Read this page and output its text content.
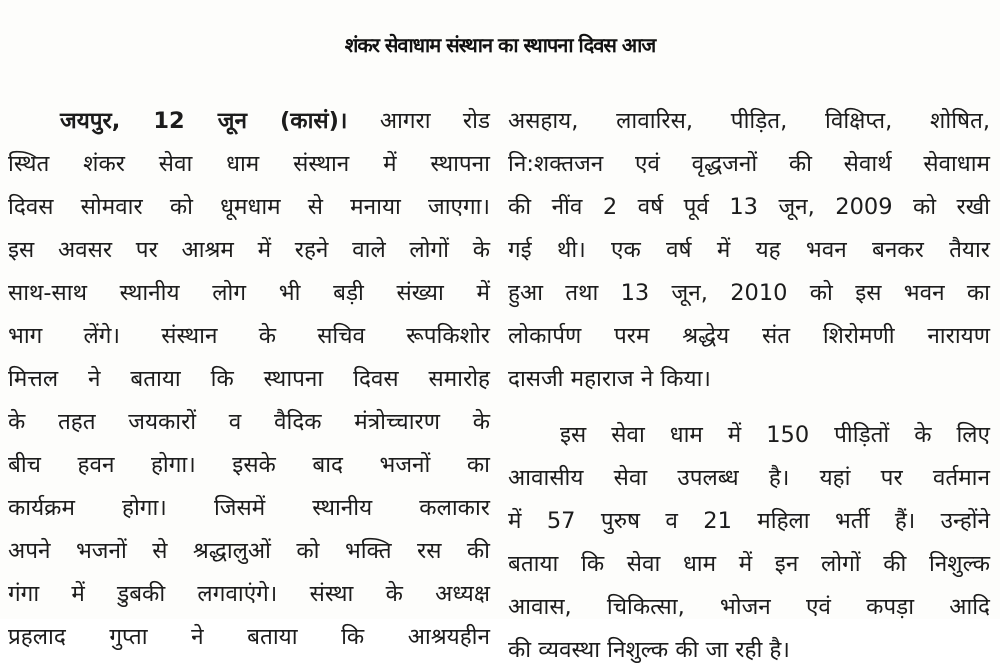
शंकर सेवाधाम संस्थान का स्थापना दिवस आज
जयपुर, 12 जून (कासं)। आगरा रोड
स्थित शंकर सेवा धाम संस्थान में स्थापना
दिवस सोमवार को धूमधाम से मनाया जाएगा।
इस अवसर पर आश्रम में रहने वाले लोगों के
साथ-साथ स्थानीय लोग भी बड़ी संख्या में
भाग लेंगे। संस्थान के सचिव रूपकिशोर
मित्तल ने बताया कि स्थापना दिवस समारोह
के तहत जयकारों व वैदिक मंत्रोच्चारण के
बीच हवन होगा। इसके बाद भजनों का
कार्यक्रम होगा। जिसमें स्थानीय कलाकार
अपने भजनों से श्रद्धालुओं को भक्ति रस की
गंगा में डुबकी लगवाएंगे। संस्था के अध्यक्ष
प्रहलाद गुप्ता ने बताया कि आश्रयहीन
असहाय, लावारिस, पीड़ित, विक्षिप्त, शोषित,
नि:शक्तजन एवं वृद्धजनों की सेवार्थ सेवाधाम
की नींव 2 वर्ष पूर्व 13 जून, 2009 को रखी
गई थी। एक वर्ष में यह भवन बनकर तैयार
हुआ तथा 13 जून, 2010 को इस भवन का
लोकार्पण परम श्रद्धेय संत शिरोमणी नारायण
दासजी महाराज ने किया।
इस सेवा धाम में 150 पीड़ितों के लिए
आवासीय सेवा उपलब्ध है। यहां पर वर्तमान
में 57 पुरुष व 21 महिला भर्ती हैं। उन्होंने
बताया कि सेवा धाम में इन लोगों की निशुल्क
आवास, चिकित्सा, भोजन एवं कपड़ा आदि
की व्यवस्था निशुल्क की जा रही है।
